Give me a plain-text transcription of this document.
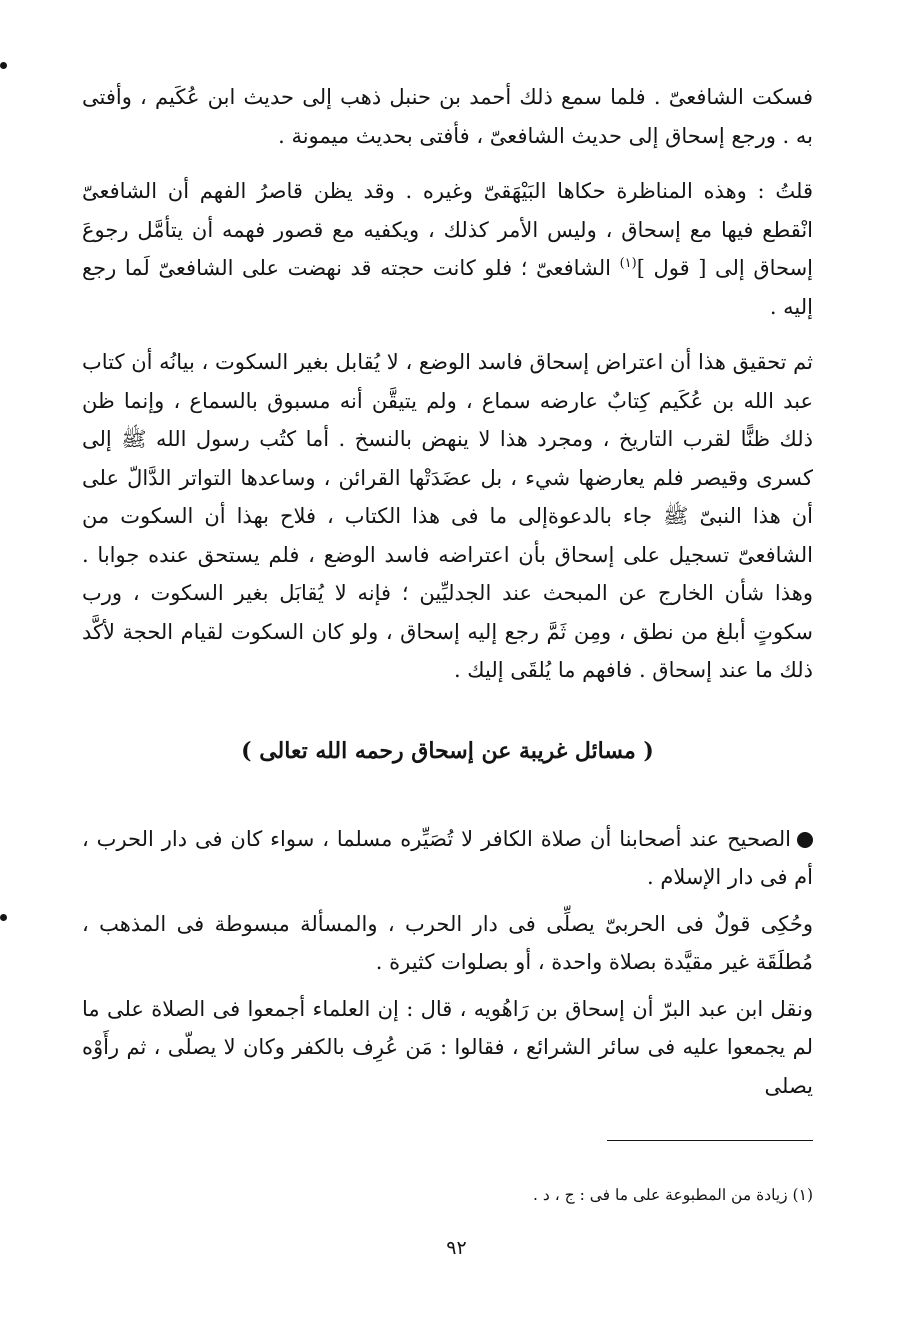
فسكت الشافعىّ . فلما سمع ذلك أحمد بن حنبل ذهب إلى حديث ابن عُكَيم ، وأفتى به . ورجع إسحاق إلى حديث الشافعىّ ، فأفتى بحديث ميمونة .

قلتُ : وهذه المناظرة حكاها البَيْهَقىّ وغيره . وقد يظن قاصرُ الفهم أن الشافعىّ انْقطع فيها مع إسحاق ، وليس الأمر كذلك ، ويكفيه مع قصور فهمه أن يتأمَّل رجوعَ إسحاق إلى [ قول ]$^{(١)}$ الشافعىّ ؛ فلو كانت حجته قد نهضت على الشافعىّ لَما رجع إليه .

ثم تحقيق هذا أن اعتراض إسحاق فاسد الوضع ، لا يُقابل بغير السكوت ، بيانُه أن كتاب عبد الله بن عُكَيم كِتابٌ عارضه سماع ، ولم يتيقَّن أنه مسبوق بالسماع ، وإنما ظن ذلك ظنًّا لقرب التاريخ ، ومجرد هذا لا ينهض بالنسخ . أما كتُب رسول الله ﷺ إلى كسرى وقيصر فلم يعارضها شيء ، بل عضَدَتْها القرائن ، وساعدها التواتر الدَّالّ على أن هذا النبىّ ﷺ جاء بالدعوةإلى ما فى هذا الكتاب ، فلاح بهذا أن السكوت من الشافعىّ تسجيل على إسحاق بأن اعتراضه فاسد الوضع ، فلم يستحق عنده جوابا . وهذا شأن الخارج عن المبحث عند الجدليِّين ؛ فإنه لا يُقابَل بغير السكوت ، ورب سكوتٍ أبلغ من نطق ، ومِن ثَمَّ رجع إليه إسحاق ، ولو كان السكوت لقيام الحجة لأكَّد ذلك ما عند إسحاق . فافهم ما يُلقَى إليك .

( مسائل غريبة عن إسحاق رحمه الله تعالى )

الصحيح عند أصحابنا أن صلاة الكافر لا تُصَيِّره مسلما ، سواء كان فى دار الحرب ، أم فى دار الإسلام .

وحُكِى قولٌ فى الحربىّ يصلِّى فى دار الحرب ، والمسألة مبسوطة فى المذهب ، مُطلَقَة غير مقيَّدة بصلاة واحدة ، أو بصلوات كثيرة .

ونقل ابن عبد البرّ أن إسحاق بن رَاهُويه ، قال : إن العلماء أجمعوا فى الصلاة على ما لم يجمعوا عليه فى سائر الشرائع ، فقالوا : مَن عُرِف بالكفر وكان لا يصلّى ، ثم رأَوْه يصلى

(١) زيادة من المطبوعة على ما فى : ج ، د .
٩٢
